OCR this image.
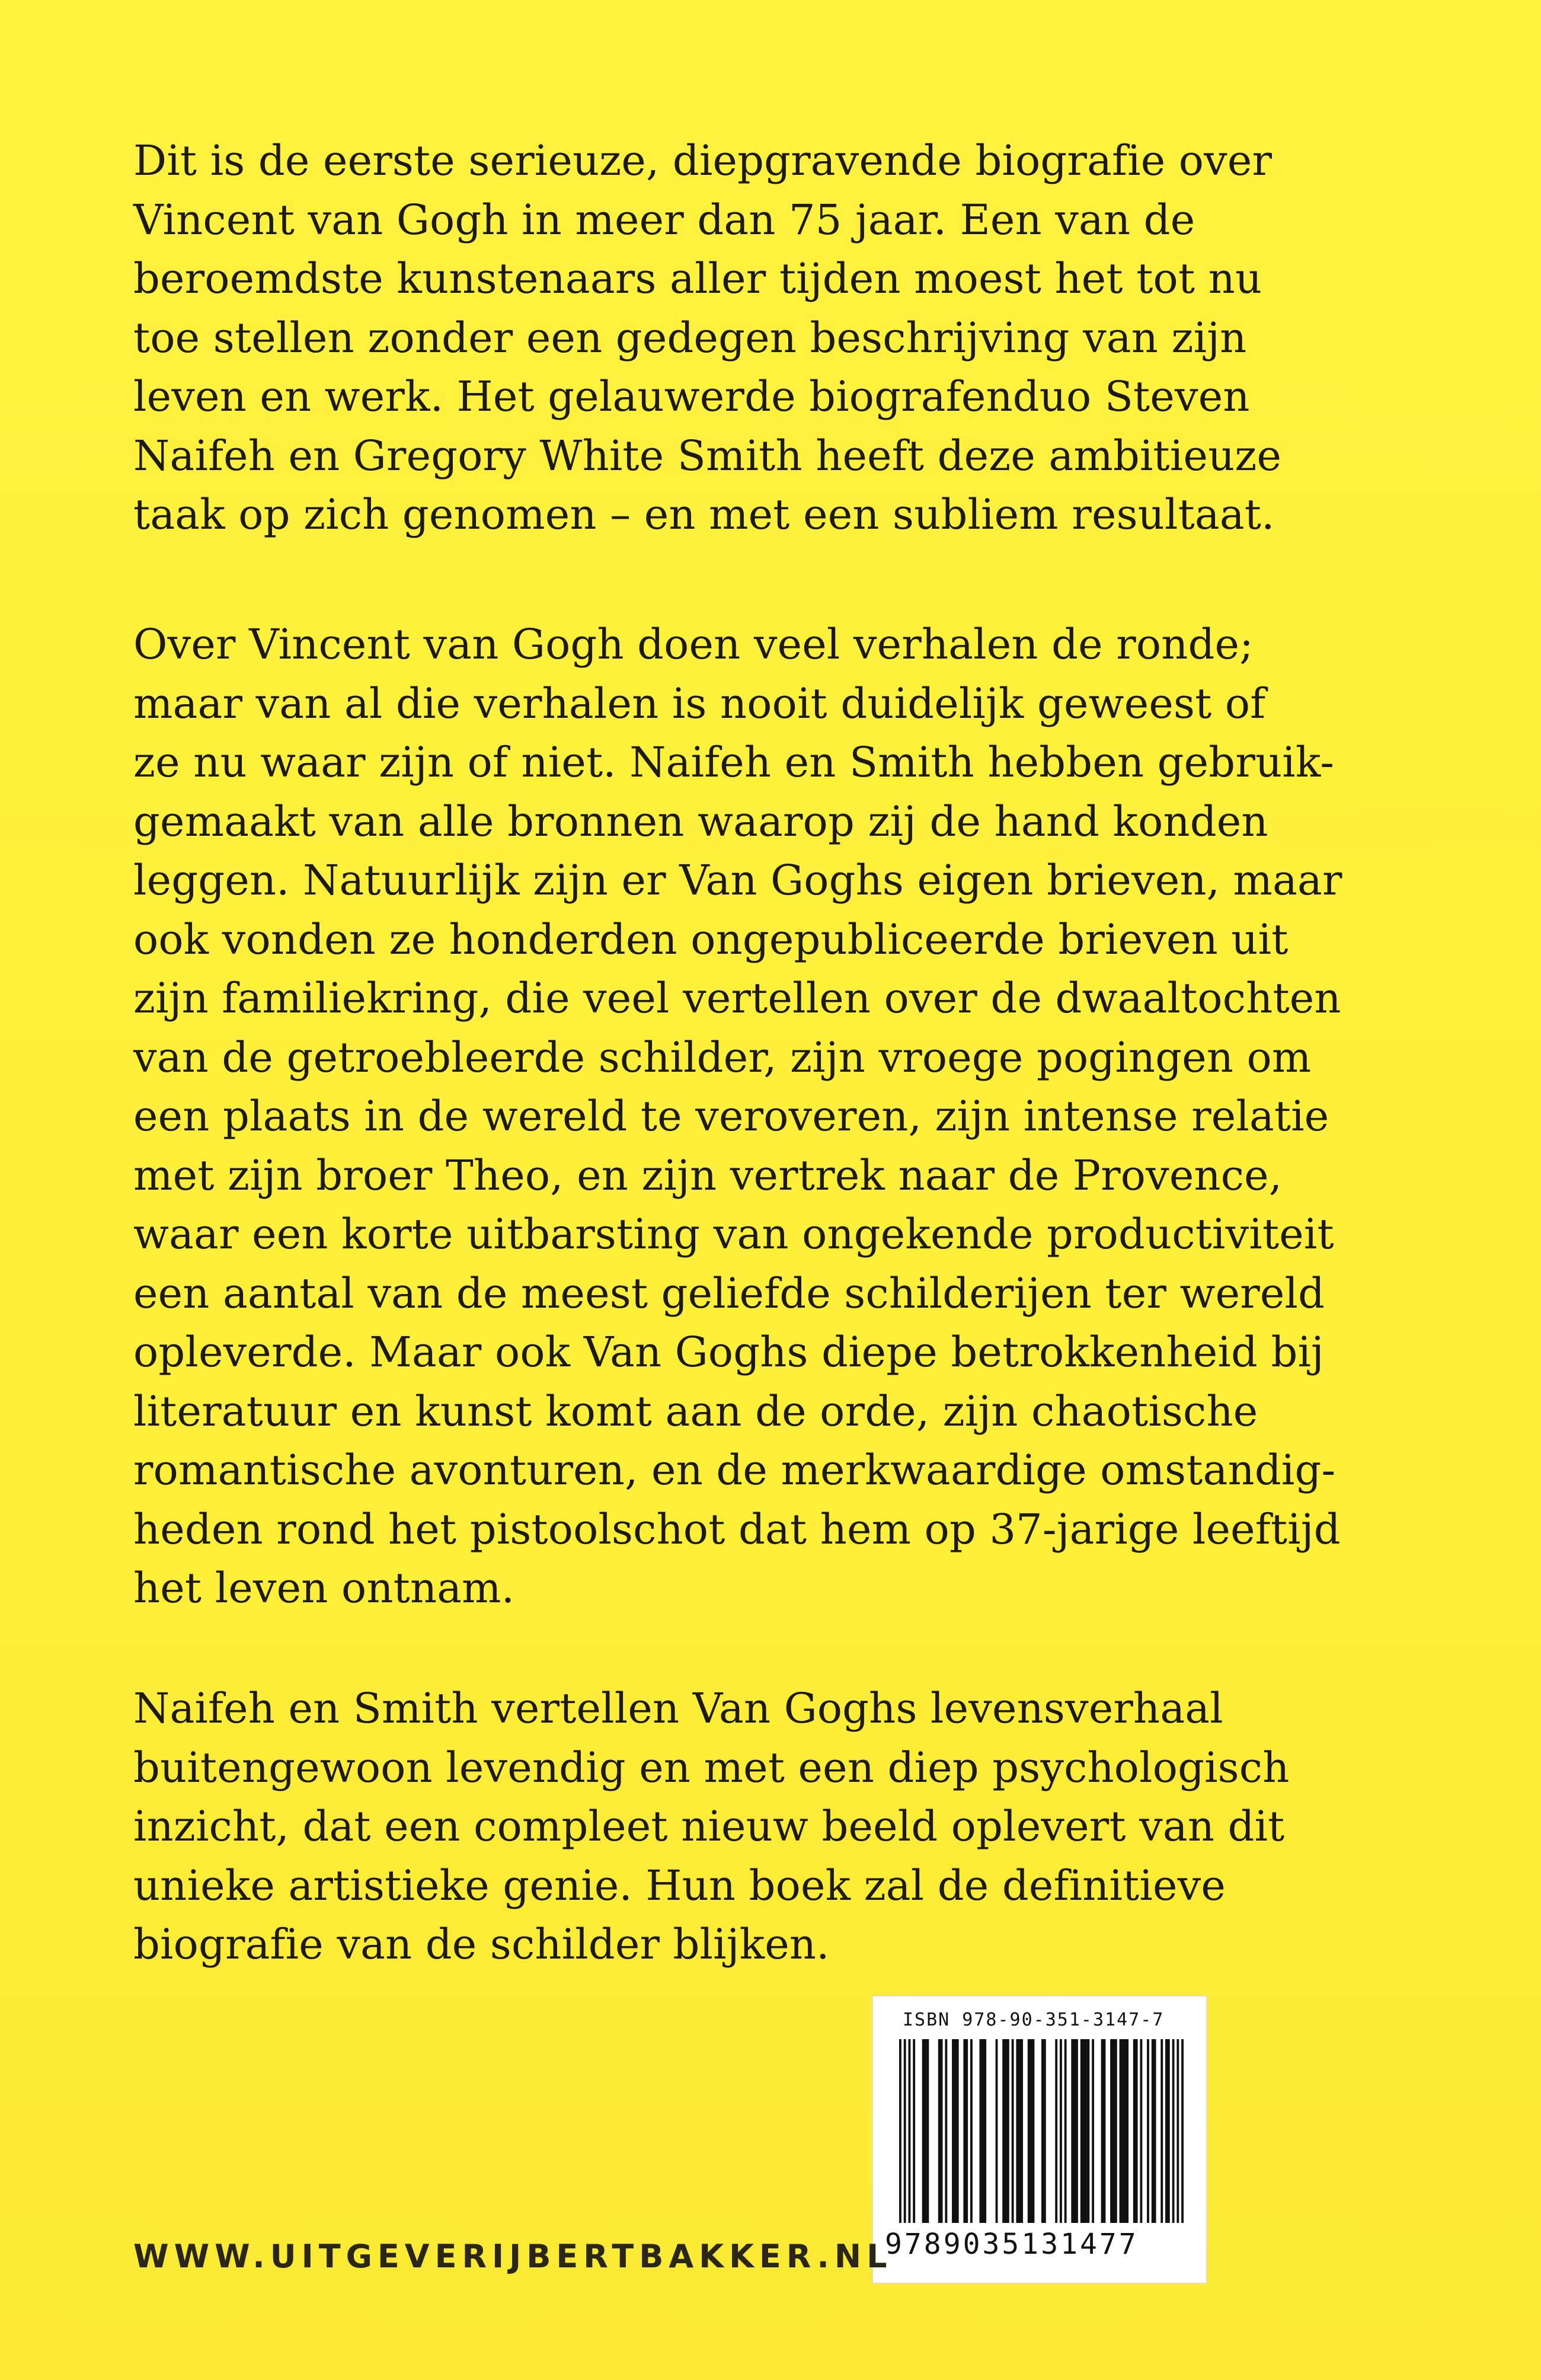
Dit is de eerste serieuze, diepgravende biografie over
Vincent van Gogh in meer dan 75 jaar. Een van de
beroemdste kunstenaars aller tijden moest het tot nu
toe stellen zonder een gedegen beschrijving van zijn
leven en werk. Het gelauwerde biografenduo Steven
Naifeh en Gregory White Smith heeft deze ambitieuze
taak op zich genomen – en met een subliem resultaat.
Over Vincent van Gogh doen veel verhalen de ronde;
maar van al die verhalen is nooit duidelijk geweest of
ze nu waar zijn of niet. Naifeh en Smith hebben gebruik-
gemaakt van alle bronnen waarop zij de hand konden
leggen. Natuurlijk zijn er Van Goghs eigen brieven, maar
ook vonden ze honderden ongepubliceerde brieven uit
zijn familiekring, die veel vertellen over de dwaaltochten
van de getroebleerde schilder, zijn vroege pogingen om
een plaats in de wereld te veroveren, zijn intense relatie
met zijn broer Theo, en zijn vertrek naar de Provence,
waar een korte uitbarsting van ongekende productiviteit
een aantal van de meest geliefde schilderijen ter wereld
opleverde. Maar ook Van Goghs diepe betrokkenheid bij
literatuur en kunst komt aan de orde, zijn chaotische
romantische avonturen, en de merkwaardige omstandig-
heden rond het pistoolschot dat hem op 37-jarige leeftijd
het leven ontnam.
Naifeh en Smith vertellen Van Goghs levensverhaal
buitengewoon levendig en met een diep psychologisch
inzicht, dat een compleet nieuw beeld oplevert van dit
unieke artistieke genie. Hun boek zal de definitieve
biografie van de schilder blijken.
ISBN 978-90-351-3147-7
9789035131477
WWW.UITGEVERIJBERTBAKKER.NL
